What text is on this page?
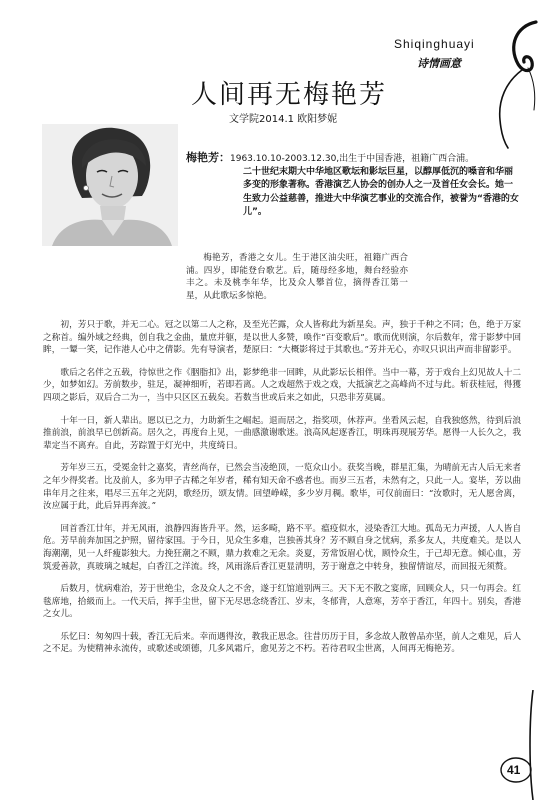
Shiqinghuayi
诗情画意
人间再无梅艳芳
文学院2014.1 欧阳梦妮
梅艳芳：1963.10.10-2003.12.30,出生于中国香港，祖籍广西合浦。
二十世纪末期大中华地区歌坛和影坛巨星，以醇厚低沉的嗓音和华丽多变的形象著称。香港演艺人协会的创办人之一及首任女会长。她一生致力公益慈善，推进大中华演艺事业的交流合作，被誉为“香港的女儿”。

梅艳芳，香港之女儿。生于港区油尖旺，祖籍广西合浦。四岁，即能登台歌艺。后，随母经多地，舞台经验亦丰之。未及桃李年华，比及众人攀首位，摘得香江第一星，从此歌坛多惊艳。

初，芳只于歌，并无二心。冠之以第二人之称，及至光芒露，众人皆称此为新星矣。声，独于千种之不同；色，绝于万家之称首。编外域之经典，创自我之金曲，量庶并躯，是以世人多赞，唤作“百变歌后”。歌而优则演，尔后数年，常于影梦中回眸，一颦一笑，记作港人心中之倩影。先有导演者，楚原曰：“大概影将过于其歌也。”芳并无心，亦叹只识出声而非留影乎。

歌后之名伴之五载，待惊世之作《胭脂扣》出，影梦绝非一回眸，从此影坛长相伴。当中一幕，芳于戏台上幻见故人十二少，如梦如幻。芳前数步，驻足，凝神细听，若即若离。人之戏超然于戏之戏，大抵演艺之高峰尚不过与此。斩获桂冠，得獲四项之影后，双后合二为一，当中只区区五载矣。若数当世或后来之如此，只恐非芳莫属。

十年一日，新人辈出。愿以已之力，力助新生之崛起。退而居之，指奖项，休荐声。坐看风云起，自我独悠然，待到后浪推前浪，前浪早已创新高。居久之，再度台上见，一曲感激谢歌迷。浪高风起逐香江，明珠再现展芳华。愿得一人长久之，我辈定当不离弃。自此，芳踪置于灯光中，共度绮日。

芳年岁三五，受冕金针之嘉奖，青丝尚存，已然会当凌绝顶，一览众山小。获奖当晚，群星汇集，为晴前无古人后无来者之年少得奖者。比及前人，多为甲子古稀之年岁者，稀有知天命不惑者也。而岁三五者，未然有之，只此一人。宴毕，芳以曲串年月之往来，唱尽三五年之光阴，歌经历，颂友情。回望峥嵘，多少岁月稠。歌毕，可仅前面曰：“汝歌时，无人愿舍离，汝应属于此，此后异再奔波。”

回首香江廿年，并无风雨，浪静四海皆升平。然，运多畸，路不平。瘟疫似水，浸染香江大地。孤岛无力声援，人人皆自危。芳早前奔加国之护照，留待家国。于今日，见众生多难，岂独善其身？芳不顾自身之忧病，系多友人，共度难关。是以人海潮潮，见一人纤瘦影独大。力挽狂潮之不顾，鼎力救难之无余。炎夏，芳常饭眉心忧，顾怜众生，于己却无意。倾心血，芳筑爱善款，真玻璃之城起，白香江之洋流。终，风雨涤后香江更显清明，芳于谢意之中转身，独留情谊尽，而回报无须赘。

后数月，忧病难治，芳于世绝尘，念及众人之不舍，遂于红馆道别两三。天下无不散之宴席，回顾众人，只一句再会。红毯席地，拾級而上。一代天后，挥手尘世，留下无尽思念绕香江、岁末，冬郁背，人意寒，芳卒于香江，年四十。别矣，香港之女儿。

乐忆曰：匆匆四十载，香江无后来。幸而遇得汝，教我正思念。往昔历历于目，多念故人散曾品亦坚，前人之难见，后人之不足。为使精神永流传，或歌述或颂德，几多风霜斤，愈见芳之不朽。若待君叹尘世离，人间再无梅艳芳。

41
